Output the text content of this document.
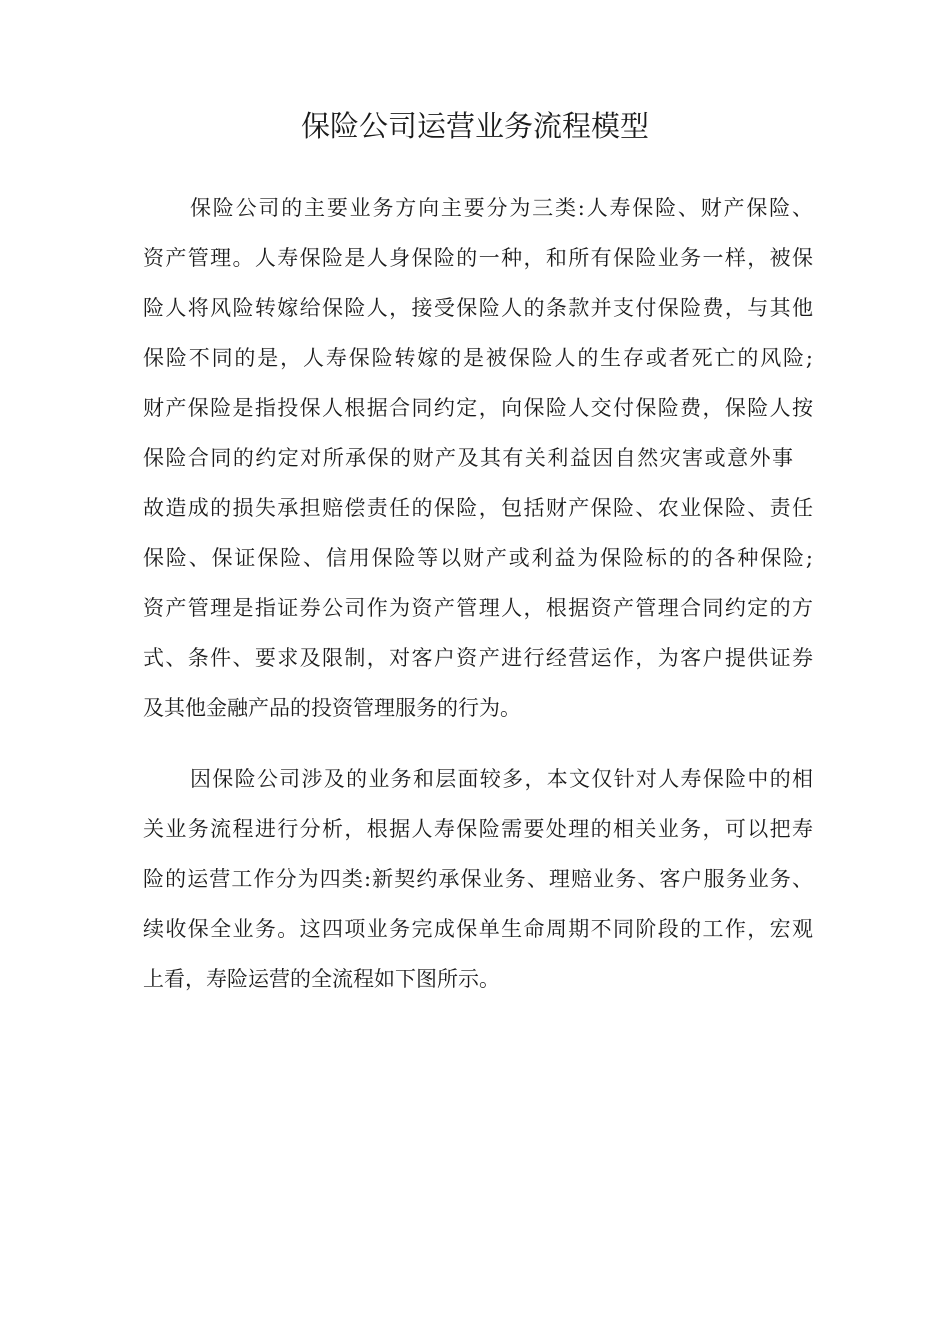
保险公司运营业务流程模型
保险公司的主要业务方向主要分为三类:人寿保险、财产保险、
资产管理。人寿保险是人身保险的一种，和所有保险业务一样，被保
险人将风险转嫁给保险人，接受保险人的条款并支付保险费，与其他
保险不同的是，人寿保险转嫁的是被保险人的生存或者死亡的风险;
财产保险是指投保人根据合同约定，向保险人交付保险费，保险人按
保险合同的约定对所承保的财产及其有关利益因自然灾害或意外事
故造成的损失承担赔偿责任的保险，包括财产保险、农业保险、责任
保险、保证保险、信用保险等以财产或利益为保险标的的各种保险;
资产管理是指证券公司作为资产管理人，根据资产管理合同约定的方
式、条件、要求及限制，对客户资产进行经营运作，为客户提供证券
及其他金融产品的投资管理服务的行为。
因保险公司涉及的业务和层面较多，本文仅针对人寿保险中的相
关业务流程进行分析，根据人寿保险需要处理的相关业务，可以把寿
险的运营工作分为四类:新契约承保业务、理赔业务、客户服务业务、
续收保全业务。这四项业务完成保单生命周期不同阶段的工作，宏观
上看，寿险运营的全流程如下图所示。
